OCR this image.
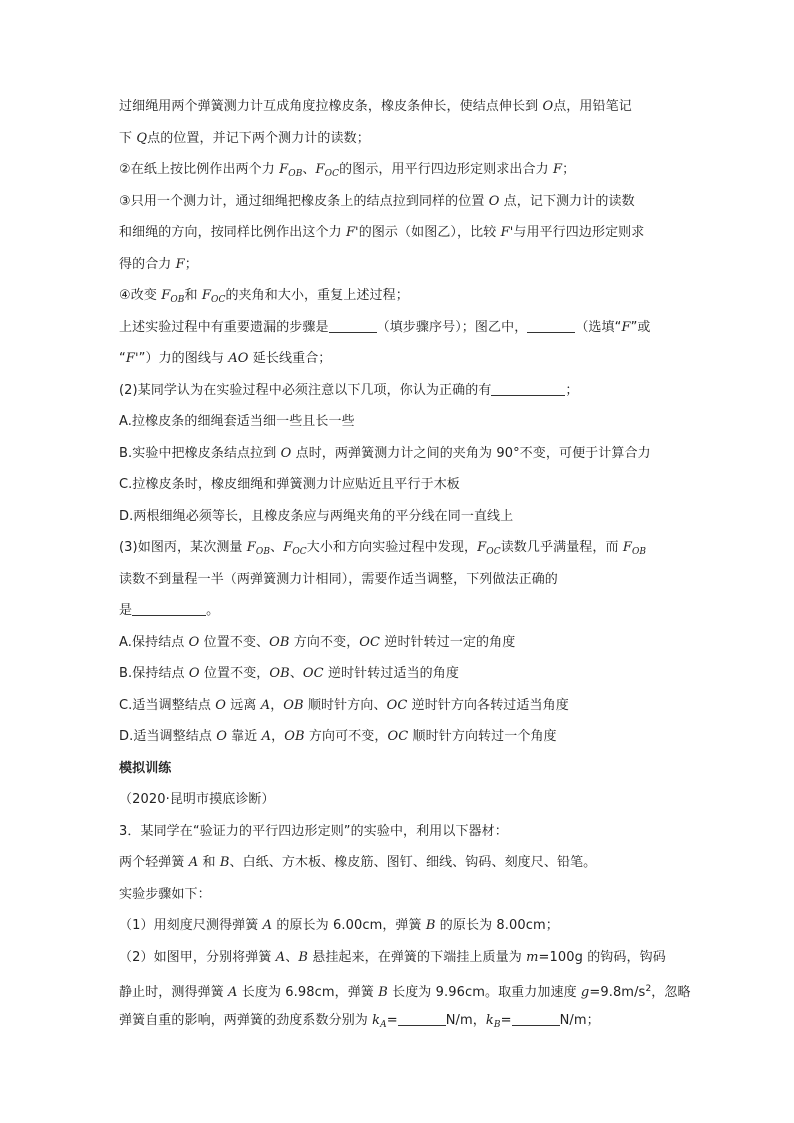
过细绳用两个弹簧测力计互成角度拉橡皮条，橡皮条伸长，使结点伸长到 O点，用铅笔记
下 Q点的位置，并记下两个测力计的读数；
②在纸上按比例作出两个力 $F_{OB}$、$F_{OC}$的图示，用平行四边形定则求出合力 F；
③只用一个测力计，通过细绳把橡皮条上的结点拉到同样的位置 O 点，记下测力计的读数
和细绳的方向，按同样比例作出这个力 F'的图示（如图乙），比较 F'与用平行四边形定则求
得的合力 F；
④改变 $F_{OB}$和 $F_{OC}$的夹角和大小，重复上述过程；
上述实验过程中有重要遗漏的步骤是	（填步骤序号）；图乙中，	（选填“F”或
“F'”）力的图线与 AO 延长线重合；
(2)某同学认为在实验过程中必须注意以下几项，你认为正确的有	；
A.拉橡皮条的细绳套适当细一些且长一些
B.实验中把橡皮条结点拉到 O 点时，两弹簧测力计之间的夹角为 90°不变，可便于计算合力
C.拉橡皮条时，橡皮细绳和弹簧测力计应贴近且平行于木板
D.两根细绳必须等长，且橡皮条应与两绳夹角的平分线在同一直线上
(3)如图丙，某次测量 $F_{OB}$、$F_{OC}$大小和方向实验过程中发现，$F_{OC}$读数几乎满量程，而 $F_{OB}$
读数不到量程一半（两弹簧测力计相同），需要作适当调整，下列做法正确的
是	。
A.保持结点 O 位置不变、OB 方向不变，OC 逆时针转过一定的角度
B.保持结点 O 位置不变，OB、OC 逆时针转过适当的角度
C.适当调整结点 O 远离 A，OB 顺时针方向、OC 逆时针方向各转过适当角度
D.适当调整结点 O 靠近 A，OB 方向可不变，OC 顺时针方向转过一个角度
模拟训练
（2020·昆明市摸底诊断）
3．某同学在“验证力的平行四边形定则”的实验中，利用以下器材：
两个轻弹簧 A 和 B、白纸、方木板、橡皮筋、图钉、细线、钩码、刻度尺、铅笔。
实验步骤如下：
（1）用刻度尺测得弹簧 A 的原长为 6.00cm，弹簧 B 的原长为 8.00cm；
（2）如图甲，分别将弹簧 A、B 悬挂起来，在弹簧的下端挂上质量为 m=100g 的钩码，钩码
静止时，测得弹簧 A 长度为 6.98cm，弹簧 B 长度为 9.96cm。取重力加速度 $g=9.8m/s^2$，忽略
弹簧自重的影响，两弹簧的劲度系数分别为 $k_A=$	N/m，$k_B=$	N/m；
